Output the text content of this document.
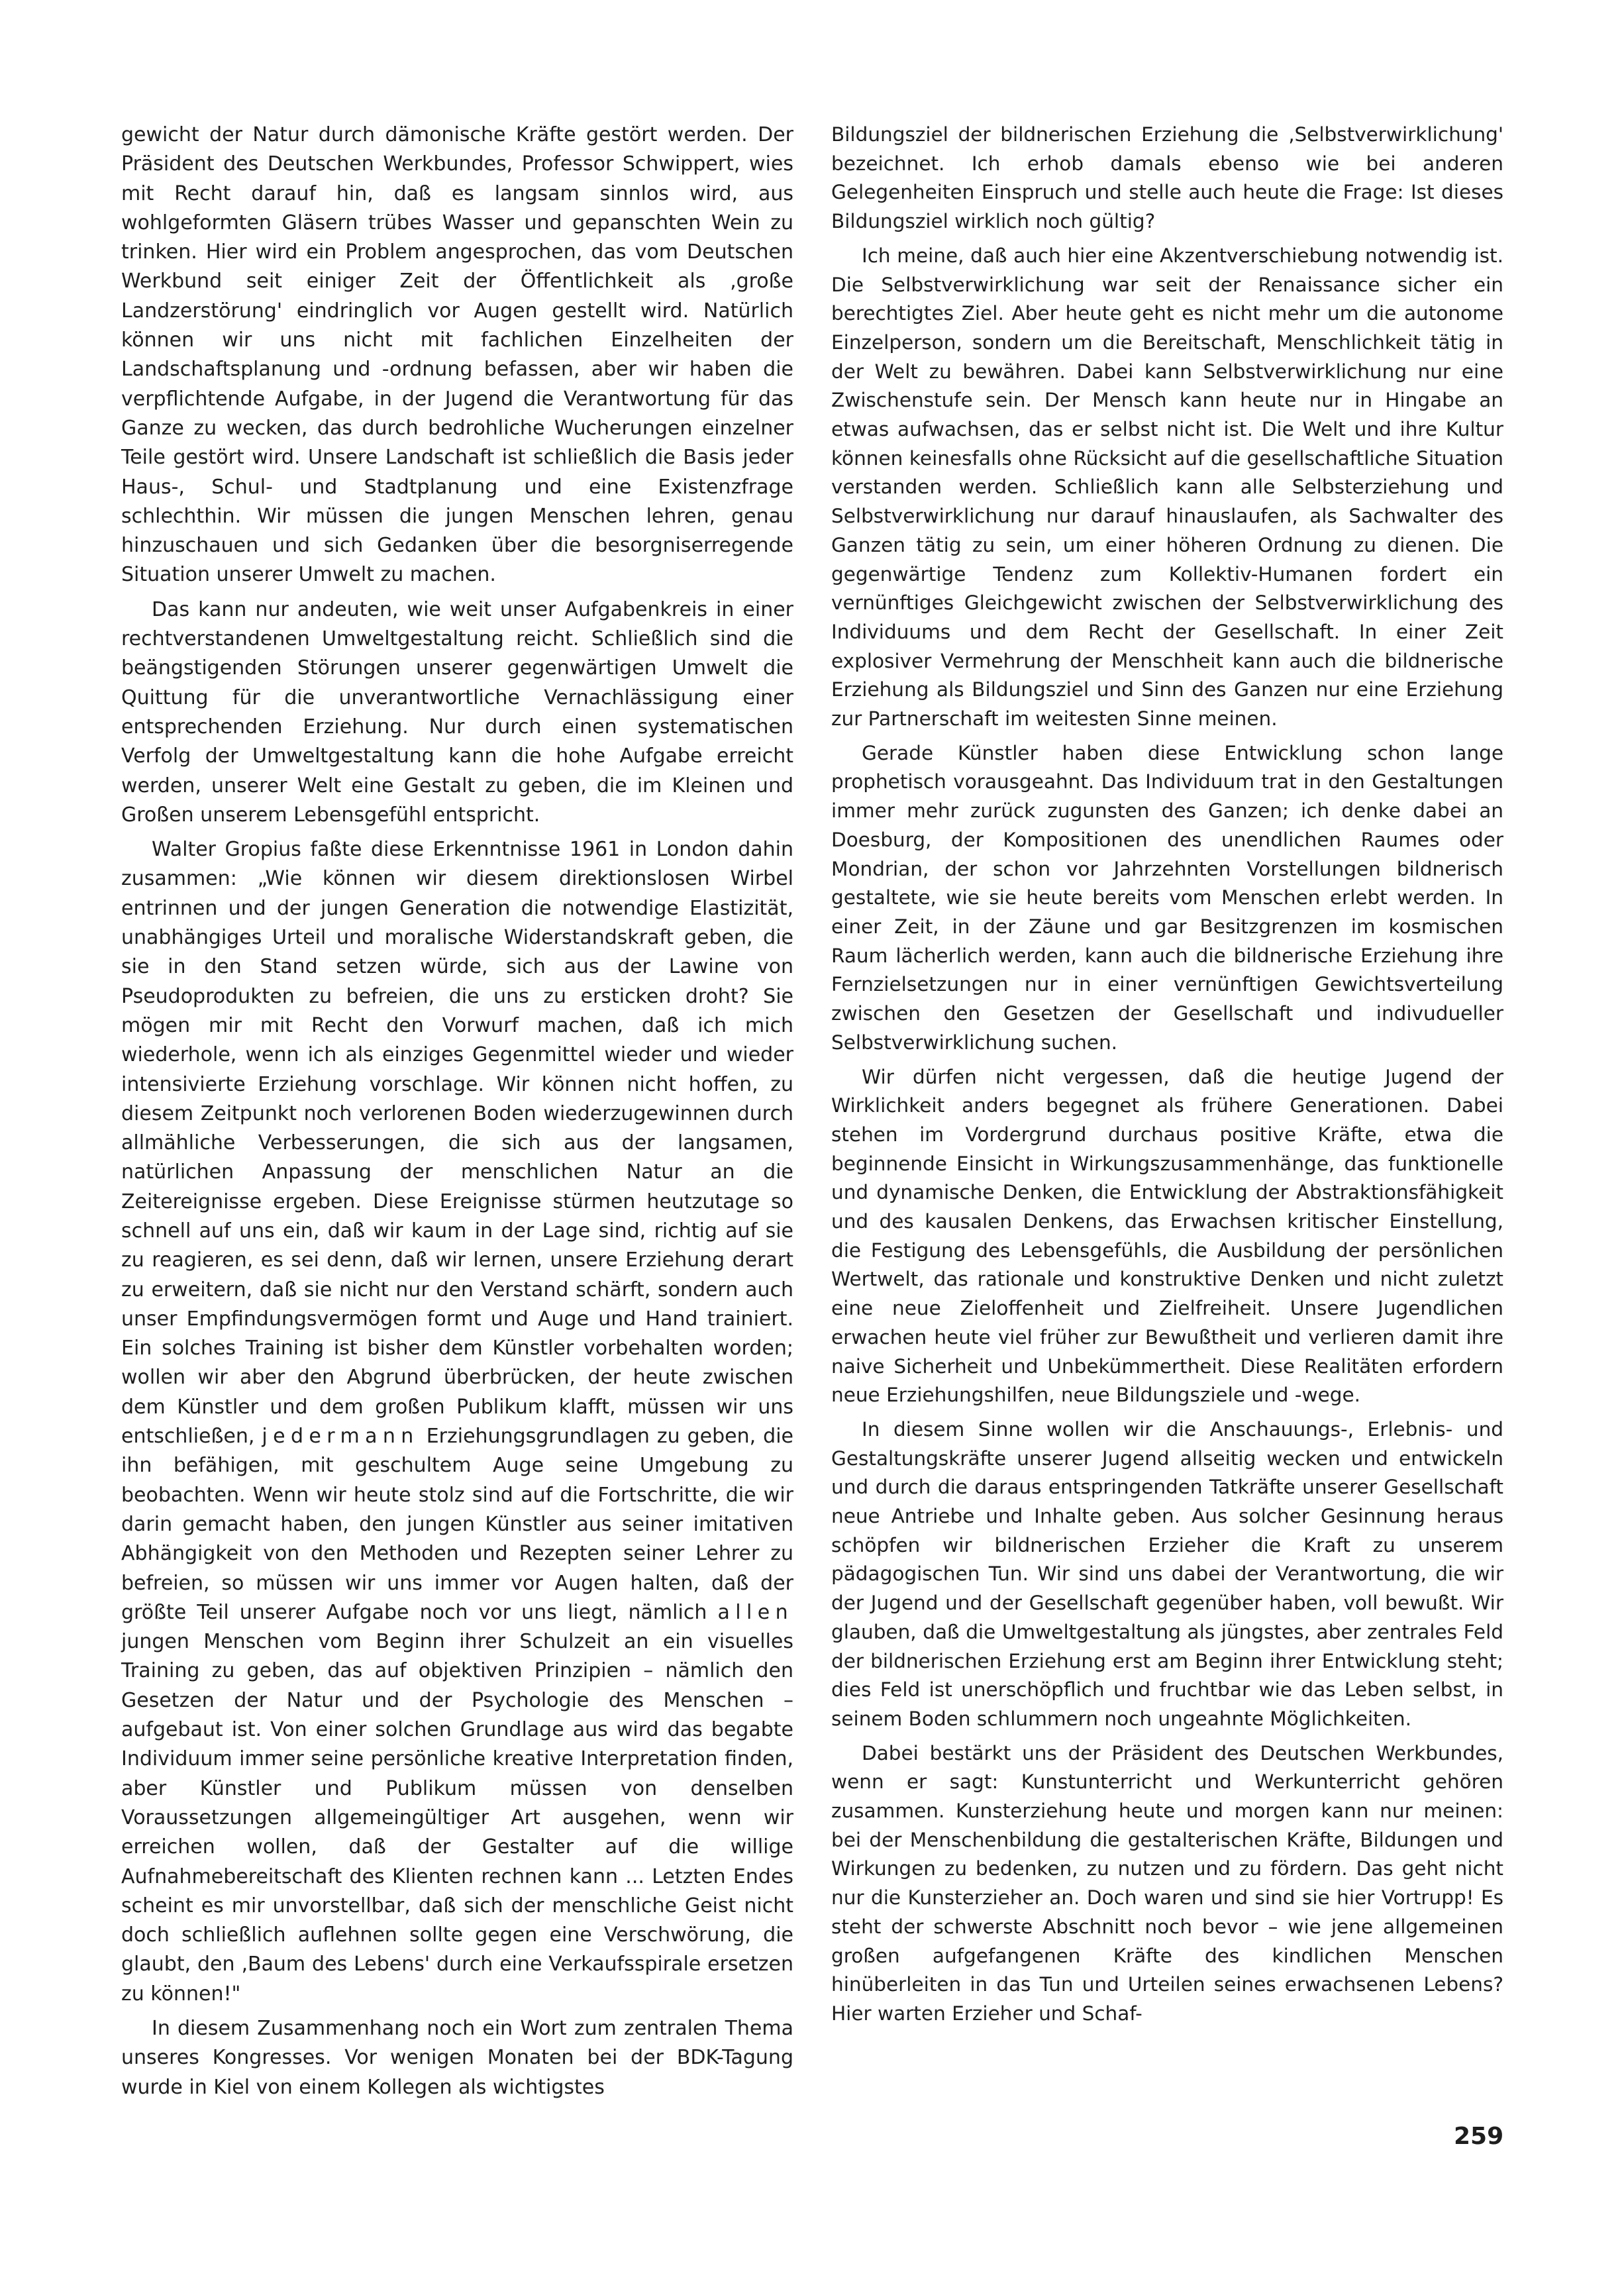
gewicht der Natur durch dämonische Kräfte gestört werden. Der Präsident des Deutschen Werkbundes, Professor Schwippert, wies mit Recht darauf hin, daß es langsam sinnlos wird, aus wohlgeformten Gläsern trübes Wasser und gepanschten Wein zu trinken. Hier wird ein Problem angesprochen, das vom Deutschen Werkbund seit einiger Zeit der Öffentlichkeit als ‚große Landzerstörung' eindringlich vor Augen gestellt wird. Natürlich können wir uns nicht mit fachlichen Einzelheiten der Landschaftsplanung und -ordnung befassen, aber wir haben die verpflichtende Aufgabe, in der Jugend die Verantwortung für das Ganze zu wecken, das durch bedrohliche Wucherungen einzelner Teile gestört wird. Unsere Landschaft ist schließlich die Basis jeder Haus-, Schul- und Stadtplanung und eine Existenzfrage schlechthin. Wir müssen die jungen Menschen lehren, genau hinzuschauen und sich Gedanken über die besorgniserregende Situation unserer Umwelt zu machen.

Das kann nur andeuten, wie weit unser Aufgabenkreis in einer rechtverstandenen Umweltgestaltung reicht. Schließlich sind die beängstigenden Störungen unserer gegenwärtigen Umwelt die Quittung für die unverantwortliche Vernachlässigung einer entsprechenden Erziehung. Nur durch einen systematischen Verfolg der Umweltgestaltung kann die hohe Aufgabe erreicht werden, unserer Welt eine Gestalt zu geben, die im Kleinen und Großen unserem Lebensgefühl entspricht.

Walter Gropius faßte diese Erkenntnisse 1961 in London dahin zusammen: „Wie können wir diesem direktionslosen Wirbel entrinnen und der jungen Generation die notwendige Elastizität, unabhängiges Urteil und moralische Widerstandskraft geben, die sie in den Stand setzen würde, sich aus der Lawine von Pseudoprodukten zu befreien, die uns zu ersticken droht? Sie mögen mir mit Recht den Vorwurf machen, daß ich mich wiederhole, wenn ich als einziges Gegenmittel wieder und wieder intensivierte Erziehung vorschlage. Wir können nicht hoffen, zu diesem Zeitpunkt noch verlorenen Boden wiederzugewinnen durch allmähliche Verbesserungen, die sich aus der langsamen, natürlichen Anpassung der menschlichen Natur an die Zeitereignisse ergeben. Diese Ereignisse stürmen heutzutage so schnell auf uns ein, daß wir kaum in der Lage sind, richtig auf sie zu reagieren, es sei denn, daß wir lernen, unsere Erziehung derart zu erweitern, daß sie nicht nur den Verstand schärft, sondern auch unser Empfindungsvermögen formt und Auge und Hand trainiert. Ein solches Training ist bisher dem Künstler vorbehalten worden; wollen wir aber den Abgrund überbrücken, der heute zwischen dem Künstler und dem großen Publikum klafft, müssen wir uns entschließen, jedermann Erziehungsgrundlagen zu geben, die ihn befähigen, mit geschultem Auge seine Umgebung zu beobachten. Wenn wir heute stolz sind auf die Fortschritte, die wir darin gemacht haben, den jungen Künstler aus seiner imitativen Abhängigkeit von den Methoden und Rezepten seiner Lehrer zu befreien, so müssen wir uns immer vor Augen halten, daß der größte Teil unserer Aufgabe noch vor uns liegt, nämlich allen jungen Menschen vom Beginn ihrer Schulzeit an ein visuelles Training zu geben, das auf objektiven Prinzipien – nämlich den Gesetzen der Natur und der Psychologie des Menschen – aufgebaut ist. Von einer solchen Grundlage aus wird das begabte Individuum immer seine persönliche kreative Interpretation finden, aber Künstler und Publikum müssen von denselben Voraussetzungen allgemeingültiger Art ausgehen, wenn wir erreichen wollen, daß der Gestalter auf die willige Aufnahmebereitschaft des Klienten rechnen kann ... Letzten Endes scheint es mir unvorstellbar, daß sich der menschliche Geist nicht doch schließlich auflehnen sollte gegen eine Verschwörung, die glaubt, den ‚Baum des Lebens' durch eine Verkaufsspirale ersetzen zu können!"

In diesem Zusammenhang noch ein Wort zum zentralen Thema unseres Kongresses. Vor wenigen Monaten bei der BDK-Tagung wurde in Kiel von einem Kollegen als wichtigstes

Bildungsziel der bildnerischen Erziehung die ‚Selbstverwirklichung' bezeichnet. Ich erhob damals ebenso wie bei anderen Gelegenheiten Einspruch und stelle auch heute die Frage: Ist dieses Bildungsziel wirklich noch gültig?

Ich meine, daß auch hier eine Akzentverschiebung notwendig ist. Die Selbstverwirklichung war seit der Renaissance sicher ein berechtigtes Ziel. Aber heute geht es nicht mehr um die autonome Einzelperson, sondern um die Bereitschaft, Menschlichkeit tätig in der Welt zu bewähren. Dabei kann Selbstverwirklichung nur eine Zwischenstufe sein. Der Mensch kann heute nur in Hingabe an etwas aufwachsen, das er selbst nicht ist. Die Welt und ihre Kultur können keinesfalls ohne Rücksicht auf die gesellschaftliche Situation verstanden werden. Schließlich kann alle Selbsterziehung und Selbstverwirklichung nur darauf hinauslaufen, als Sachwalter des Ganzen tätig zu sein, um einer höheren Ordnung zu dienen. Die gegenwärtige Tendenz zum Kollektiv-Humanen fordert ein vernünftiges Gleichgewicht zwischen der Selbstverwirklichung des Individuums und dem Recht der Gesellschaft. In einer Zeit explosiver Vermehrung der Menschheit kann auch die bildnerische Erziehung als Bildungsziel und Sinn des Ganzen nur eine Erziehung zur Partnerschaft im weitesten Sinne meinen.

Gerade Künstler haben diese Entwicklung schon lange prophetisch vorausgeahnt. Das Individuum trat in den Gestaltungen immer mehr zurück zugunsten des Ganzen; ich denke dabei an Doesburg, der Kompositionen des unendlichen Raumes oder Mondrian, der schon vor Jahrzehnten Vorstellungen bildnerisch gestaltete, wie sie heute bereits vom Menschen erlebt werden. In einer Zeit, in der Zäune und gar Besitzgrenzen im kosmischen Raum lächerlich werden, kann auch die bildnerische Erziehung ihre Fernzielsetzungen nur in einer vernünftigen Gewichtsverteilung zwischen den Gesetzen der Gesellschaft und indivudueller Selbstverwirklichung suchen.

Wir dürfen nicht vergessen, daß die heutige Jugend der Wirklichkeit anders begegnet als frühere Generationen. Dabei stehen im Vordergrund durchaus positive Kräfte, etwa die beginnende Einsicht in Wirkungszusammenhänge, das funktionelle und dynamische Denken, die Entwicklung der Abstraktionsfähigkeit und des kausalen Denkens, das Erwachsen kritischer Einstellung, die Festigung des Lebensgefühls, die Ausbildung der persönlichen Wertwelt, das rationale und konstruktive Denken und nicht zuletzt eine neue Zieloffenheit und Zielfreiheit. Unsere Jugendlichen erwachen heute viel früher zur Bewußtheit und verlieren damit ihre naive Sicherheit und Unbekümmertheit. Diese Realitäten erfordern neue Erziehungshilfen, neue Bildungsziele und -wege.

In diesem Sinne wollen wir die Anschauungs-, Erlebnis- und Gestaltungskräfte unserer Jugend allseitig wecken und entwickeln und durch die daraus entspringenden Tatkräfte unserer Gesellschaft neue Antriebe und Inhalte geben. Aus solcher Gesinnung heraus schöpfen wir bildnerischen Erzieher die Kraft zu unserem pädagogischen Tun. Wir sind uns dabei der Verantwortung, die wir der Jugend und der Gesellschaft gegenüber haben, voll bewußt. Wir glauben, daß die Umweltgestaltung als jüngstes, aber zentrales Feld der bildnerischen Erziehung erst am Beginn ihrer Entwicklung steht; dies Feld ist unerschöpflich und fruchtbar wie das Leben selbst, in seinem Boden schlummern noch ungeahnte Möglichkeiten.

Dabei bestärkt uns der Präsident des Deutschen Werkbundes, wenn er sagt: Kunstunterricht und Werkunterricht gehören zusammen. Kunsterziehung heute und morgen kann nur meinen: bei der Menschenbildung die gestalterischen Kräfte, Bildungen und Wirkungen zu bedenken, zu nutzen und zu fördern. Das geht nicht nur die Kunsterzieher an. Doch waren und sind sie hier Vortrupp! Es steht der schwerste Abschnitt noch bevor – wie jene allgemeinen großen aufgefangenen Kräfte des kindlichen Menschen hinüberleiten in das Tun und Urteilen seines erwachsenen Lebens? Hier warten Erzieher und Schaf-

259
